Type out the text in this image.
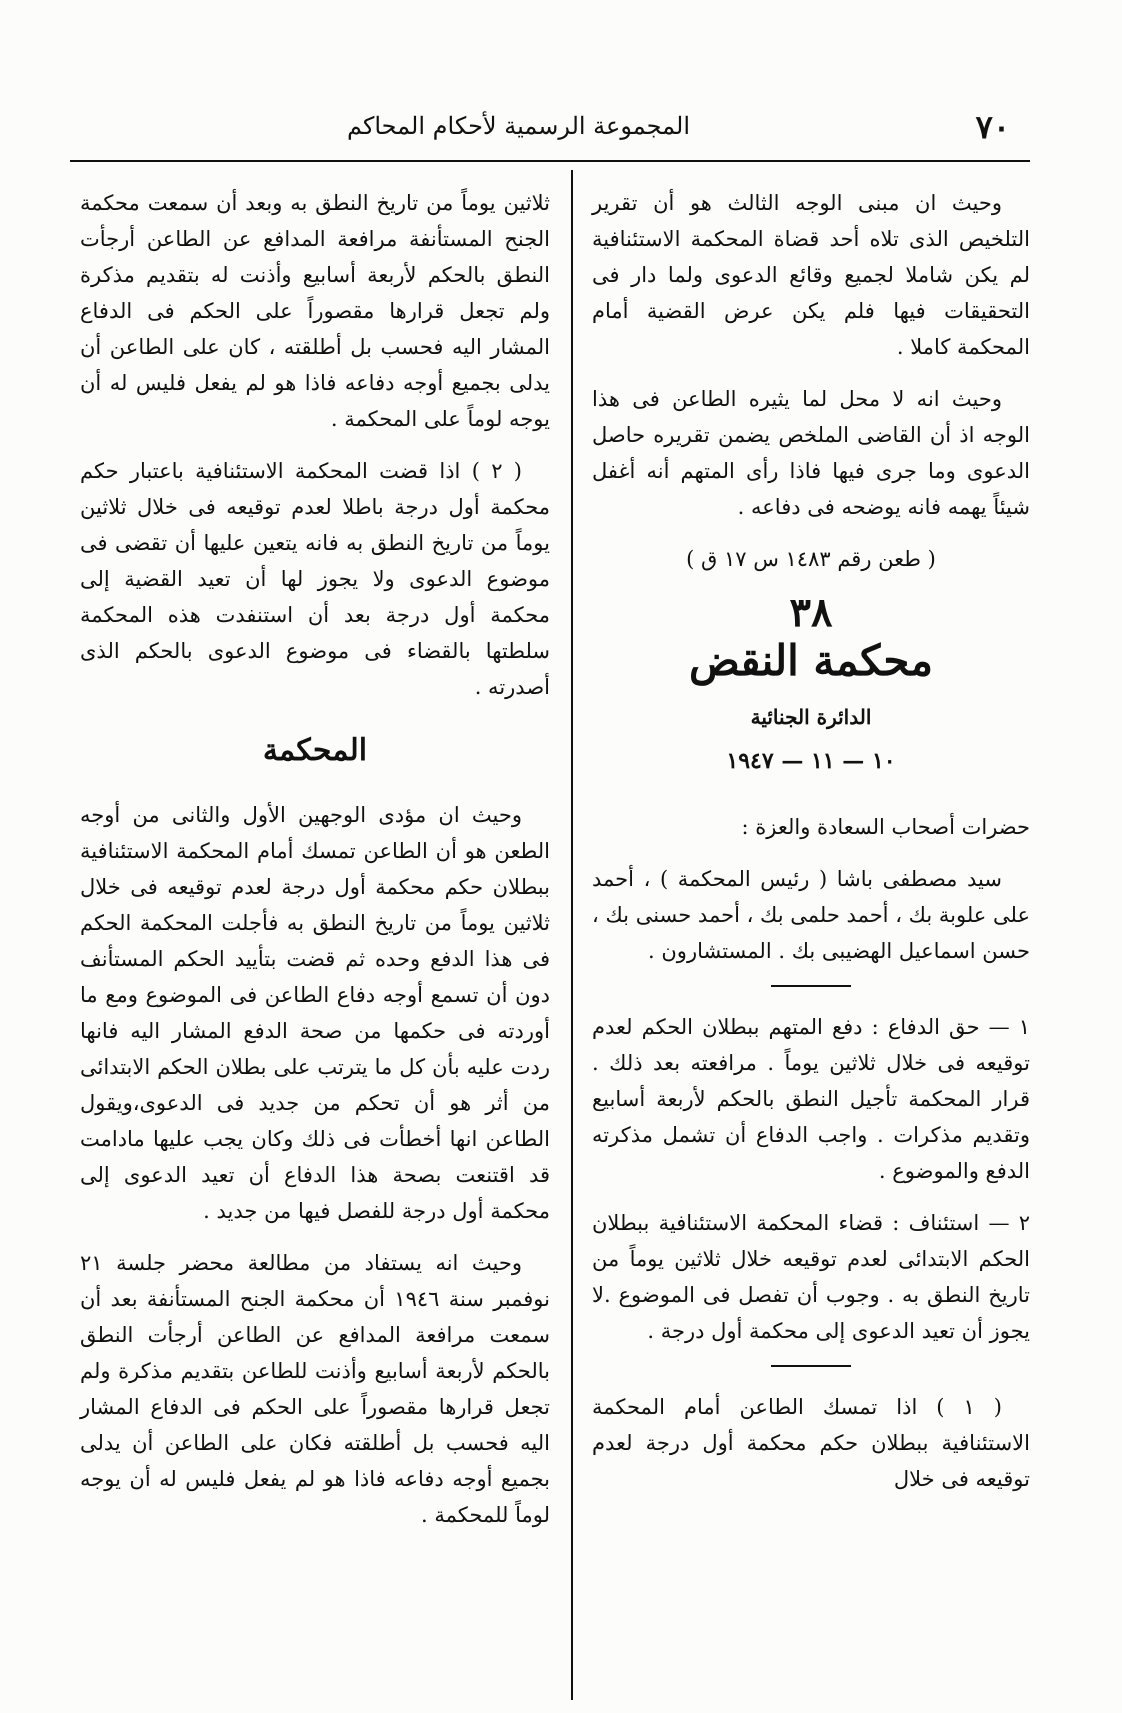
٧٠
المجموعة الرسمية لأحكام المحاكم

وحيث ان مبنى الوجه الثالث هو أن تقرير التلخيص الذى تلاه أحد قضاة المحكمة الاستئنافية لم يكن شاملا لجميع وقائع الدعوى ولما دار فى التحقيقات فيها فلم يكن عرض القضية أمام المحكمة كاملا .

وحيث انه لا محل لما يثيره الطاعن فى هذا الوجه اذ أن القاضى الملخص يضمن تقريره حاصل الدعوى وما جرى فيها فاذا رأى المتهم أنه أغفل شيئاً يهمه فانه يوضحه فى دفاعه .

( طعن رقم ١٤٨٣ س ١٧ ق )

٣٨
محكمة النقض
الدائرة الجنائية
١٠ — ١١ — ١٩٤٧

حضرات أصحاب السعادة والعزة :

سيد مصطفى باشا ( رئيس المحكمة ) ، أحمد على علوبة بك ، أحمد حلمى بك ، أحمد حسنى بك ، حسن اسماعيل الهضيبى بك . المستشارون .

١ — حق الدفاع : دفع المتهم ببطلان الحكم لعدم توقيعه فى خلال ثلاثين يوماً . مرافعته بعد ذلك . قرار المحكمة تأجيل النطق بالحكم لأربعة أسابيع وتقديم مذكرات . واجب الدفاع أن تشمل مذكرته الدفع والموضوع .

٢ — استئناف : قضاء المحكمة الاستئنافية ببطلان الحكم الابتدائى لعدم توقيعه خلال ثلاثين يوماً من تاريخ النطق به . وجوب أن تفصل فى الموضوع .لا يجوز أن تعيد الدعوى إلى محكمة أول درجة .

( ١ ) اذا تمسك الطاعن أمام المحكمة الاستئنافية ببطلان حكم محكمة أول درجة لعدم توقيعه فى خلال

ثلاثين يوماً من تاريخ النطق به وبعد أن سمعت محكمة الجنح المستأنفة مرافعة المدافع عن الطاعن أرجأت النطق بالحكم لأربعة أسابيع وأذنت له بتقديم مذكرة ولم تجعل قرارها مقصوراً على الحكم فى الدفاع المشار اليه فحسب بل أطلقته ، كان على الطاعن أن يدلى بجميع أوجه دفاعه فاذا هو لم يفعل فليس له أن يوجه لوماً على المحكمة .

( ٢ ) اذا قضت المحكمة الاستئنافية باعتبار حكم محكمة أول درجة باطلا لعدم توقيعه فى خلال ثلاثين يوماً من تاريخ النطق به فانه يتعين عليها أن تقضى فى موضوع الدعوى ولا يجوز لها أن تعيد القضية إلى محكمة أول درجة بعد أن استنفدت هذه المحكمة سلطتها بالقضاء فى موضوع الدعوى بالحكم الذى أصدرته .

المحكمة

وحيث ان مؤدى الوجهين الأول والثانى من أوجه الطعن هو أن الطاعن تمسك أمام المحكمة الاستئنافية ببطلان حكم محكمة أول درجة لعدم توقيعه فى خلال ثلاثين يوماً من تاريخ النطق به فأجلت المحكمة الحكم فى هذا الدفع وحده ثم قضت بتأييد الحكم المستأنف دون أن تسمع أوجه دفاع الطاعن فى الموضوع ومع ما أوردته فى حكمها من صحة الدفع المشار اليه فانها ردت عليه بأن كل ما يترتب على بطلان الحكم الابتدائى من أثر هو أن تحكم من جديد فى الدعوى،ويقول الطاعن انها أخطأت فى ذلك وكان يجب عليها مادامت قد اقتنعت بصحة هذا الدفاع أن تعيد الدعوى إلى محكمة أول درجة للفصل فيها من جديد .

وحيث انه يستفاد من مطالعة محضر جلسة ٢١ نوفمبر سنة ١٩٤٦ أن محكمة الجنح المستأنفة بعد أن سمعت مرافعة المدافع عن الطاعن أرجأت النطق بالحكم لأربعة أسابيع وأذنت للطاعن بتقديم مذكرة ولم تجعل قرارها مقصوراً على الحكم فى الدفاع المشار اليه فحسب بل أطلقته فكان على الطاعن أن يدلى بجميع أوجه دفاعه فاذا هو لم يفعل فليس له أن يوجه لوماً للمحكمة .
